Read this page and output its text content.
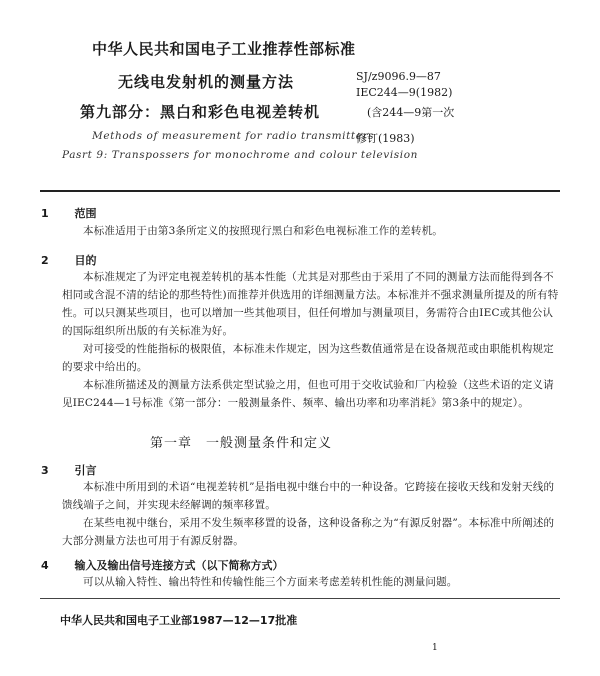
中华人民共和国电子工业推荐性部标准
无线电发射机的测量方法	SJ/z9096.9—87
IEC244—9(1982)
第九部分：黑白和彩色电视差转机	(含244—9第一次
Methods of measurement for radio transmitters
修订(1983)
Pasrt 9: Transpossers for monochrome and colour television
1 范围

本标准适用于由第3条所定义的按照现行黑白和彩色电视标准工作的差转机。

2 目的

本标准规定了为评定电视差转机的基本性能（尤其是对那些由于采用了不同的测量方法而能得到各不相同或含混不清的结论的那些特性)而推荐并供选用的详细测量方法。本标准并不强求测量所提及的所有特性。可以只测某些项目，也可以增加一些其他项目，但任何增加与测量项目，务需符合由IEC或其他公认的国际组织所出版的有关标准为好。

对可接受的性能指标的极限值，本标准未作规定，因为这些数值通常是在设备规范或由职能机构规定的要求中给出的。

本标准所描述及的测量方法系供定型试验之用，但也可用于交收试验和厂内检验（这些术语的定义请见IEC244—1号标准《第一部分：一般测量条件、频率、输出功率和功率消耗》第3条中的规定）。

第一章　一般测量条件和定义
3 引言

本标准中所用到的术语“电视差转机”是指电视中继台中的一种设备。它跨接在接收天线和发射天线的馈线端子之间，并实现未经解调的频率移置。

在某些电视中继台，采用不发生频率移置的设备，这种设备称之为“有源反射器”。本标准中所阐述的大部分测量方法也可用于有源反射器。

4 输入及输出信号连接方式（以下简称方式）

可以从输入特性、输出特性和传输性能三个方面来考虑差转机性能的测量问题。

中华人民共和国电子工业部1987—12—17批准
1
